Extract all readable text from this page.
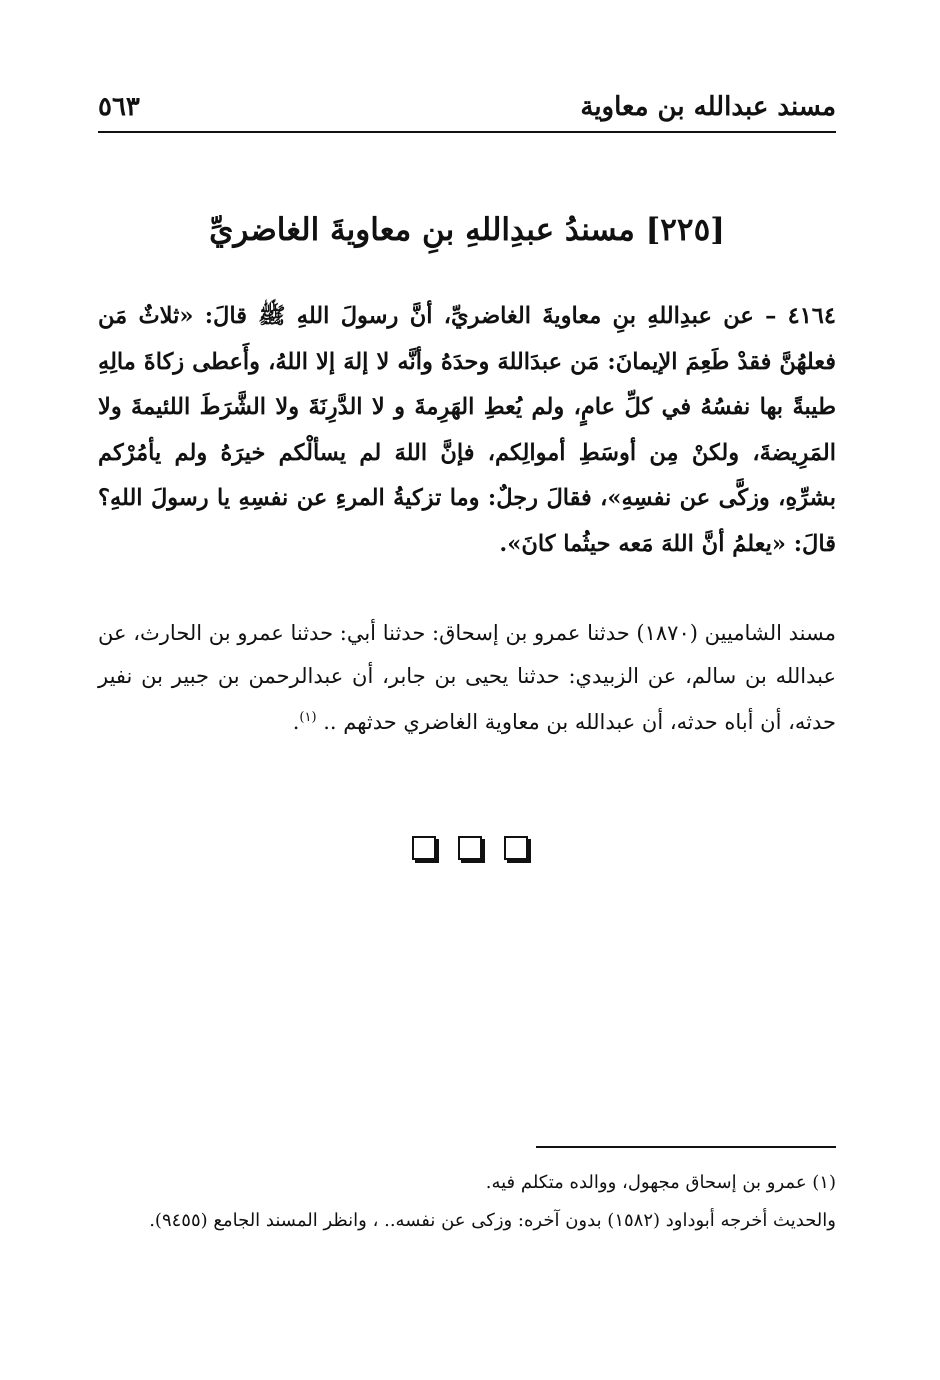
مسند عبدالله بن معاوية
٥٦٣
[٢٢٥] مسندُ عبدِاللهِ بنِ معاويةَ الغاضريِّ
٤١٦٤ – عن عبدِاللهِ بنِ معاويةَ الغاضريِّ، أنَّ رسولَ اللهِ ﷺ قالَ: «ثلاثٌ مَن فعلهُنَّ فقدْ طَعِمَ الإيمانَ: مَن عبدَاللهَ وحدَهُ وأنَّه لا إلهَ إلا اللهُ، وأَعطى زكاةَ مالِهِ طيبةً بها نفسُهُ في كلِّ عامٍ، ولم يُعطِ الهَرِمةَ و لا الدَّرِنَةَ ولا الشَّرَطَ اللئيمةَ ولا المَرِيضةَ، ولكنْ مِن أوسَطِ أموالِكم، فإنَّ اللهَ لم يسألْكم خيرَهُ ولم يأمُرْكم بشرِّهِ، وزكَّى عن نفسِهِ»، فقالَ رجلٌ: وما تزكيةُ المرءِ عن نفسِهِ يا رسولَ اللهِ؟ قالَ: «يعلمُ أنَّ اللهَ مَعه حيثُما كانَ».
مسند الشاميين (١٨٧٠) حدثنا عمرو بن إسحاق: حدثنا أبي: حدثنا عمرو بن الحارث، عن عبدالله بن سالم، عن الزبيدي: حدثنا يحيى بن جابر، أن عبدالرحمن بن جبير بن نفير حدثه، أن أباه حدثه، أن عبدالله بن معاوية الغاضري حدثهم .. $^{(١)}$.

(١) عمرو بن إسحاق مجهول، ووالده متكلم فيه.

والحديث أخرجه أبوداود (١٥٨٢) بدون آخره: وزكى عن نفسه.. ، وانظر المسند الجامع (٩٤٥٥).
